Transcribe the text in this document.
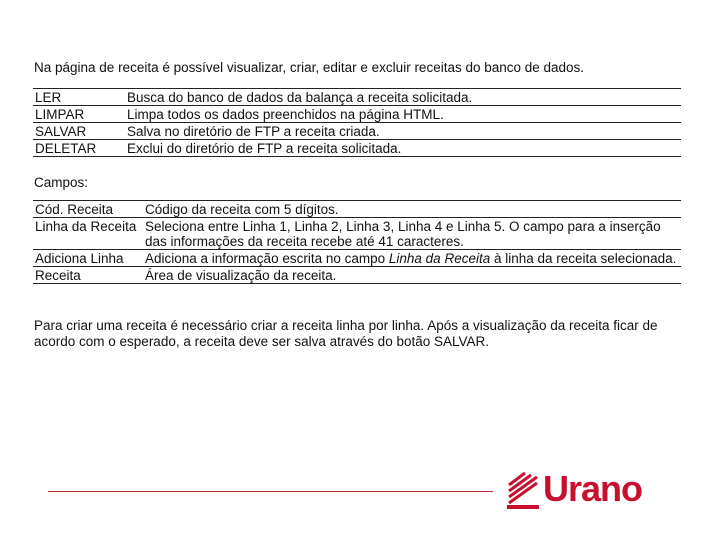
Na página de receita é possível visualizar, criar, editar e excluir receitas do banco de dados.
LER	Busca do banco de dados da balança a receita solicitada.
LIMPAR	Limpa todos os dados preenchidos na página HTML.
SALVAR	Salva no diretório de FTP a receita criada.
DELETAR	Exclui do diretório de FTP a receita solicitada.
Campos:
Cód. Receita	Código da receita com 5 dígitos.
Linha da Receita	Seleciona entre Linha 1, Linha 2, Linha 3, Linha 4 e Linha 5. O campo para a inserção das informações da receita recebe até 41 caracteres.
Adiciona Linha	Adiciona a informação escrita no campo Linha da Receita à linha da receita selecionada.
Receita	Área de visualização da receita.
Para criar uma receita é necessário criar a receita linha por linha. Após a visualização da receita ficar de acordo com o esperado, a receita deve ser salva através do botão SALVAR.
Urano
